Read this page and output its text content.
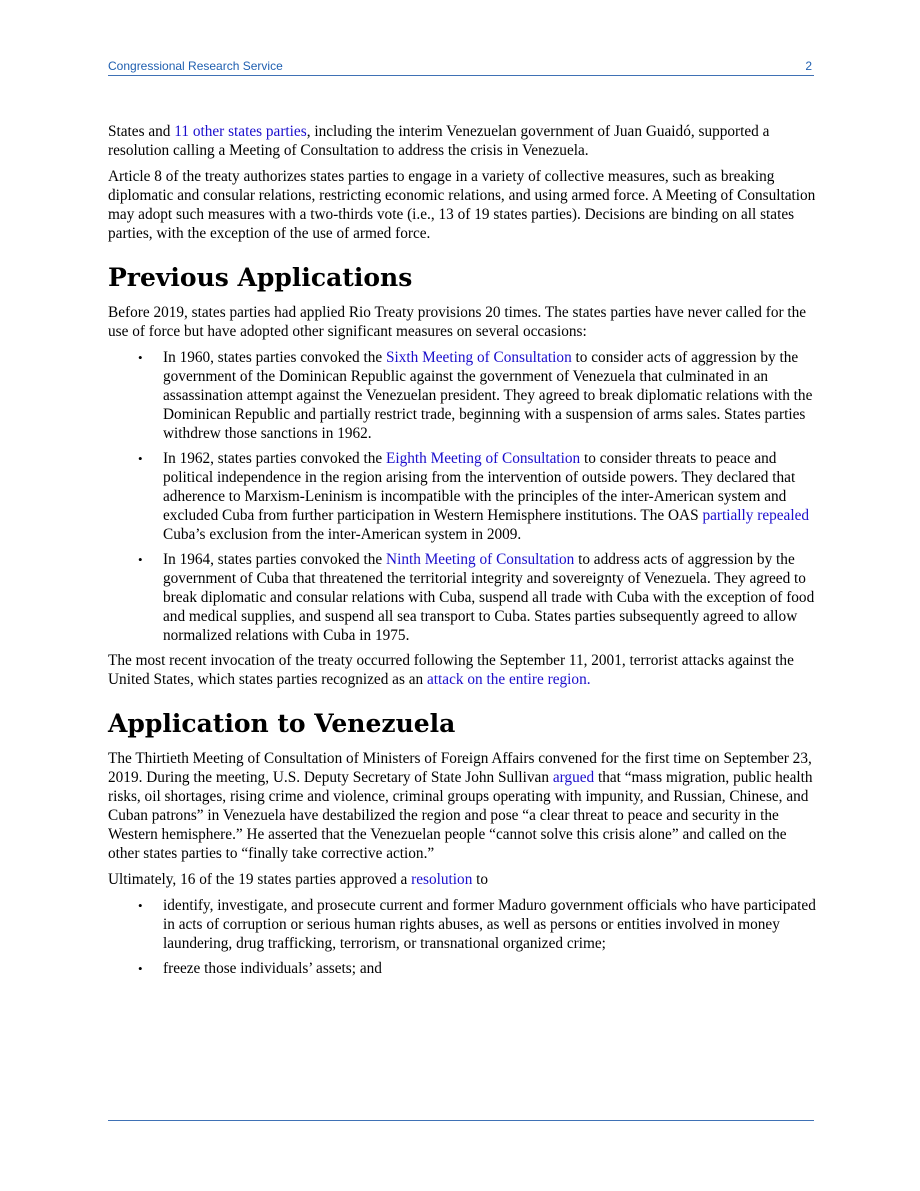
Congressional Research Service	2

States and 11 other states parties, including the interim Venezuelan government of Juan Guaidó, supported a resolution calling a Meeting of Consultation to address the crisis in Venezuela.

Article 8 of the treaty authorizes states parties to engage in a variety of collective measures, such as breaking diplomatic and consular relations, restricting economic relations, and using armed force. A Meeting of Consultation may adopt such measures with a two-thirds vote (i.e., 13 of 19 states parties). Decisions are binding on all states parties, with the exception of the use of armed force.

Previous Applications

Before 2019, states parties had applied Rio Treaty provisions 20 times. The states parties have never called for the use of force but have adopted other significant measures on several occasions:

• In 1960, states parties convoked the Sixth Meeting of Consultation to consider acts of aggression by the government of the Dominican Republic against the government of Venezuela that culminated in an assassination attempt against the Venezuelan president. They agreed to break diplomatic relations with the Dominican Republic and partially restrict trade, beginning with a suspension of arms sales. States parties withdrew those sanctions in 1962.
• In 1962, states parties convoked the Eighth Meeting of Consultation to consider threats to peace and political independence in the region arising from the intervention of outside powers. They declared that adherence to Marxism-Leninism is incompatible with the principles of the inter-American system and excluded Cuba from further participation in Western Hemisphere institutions. The OAS partially repealed Cuba’s exclusion from the inter-American system in 2009.
• In 1964, states parties convoked the Ninth Meeting of Consultation to address acts of aggression by the government of Cuba that threatened the territorial integrity and sovereignty of Venezuela. They agreed to break diplomatic and consular relations with Cuba, suspend all trade with Cuba with the exception of food and medical supplies, and suspend all sea transport to Cuba. States parties subsequently agreed to allow normalized relations with Cuba in 1975.

The most recent invocation of the treaty occurred following the September 11, 2001, terrorist attacks against the United States, which states parties recognized as an attack on the entire region.

Application to Venezuela

The Thirtieth Meeting of Consultation of Ministers of Foreign Affairs convened for the first time on September 23, 2019. During the meeting, U.S. Deputy Secretary of State John Sullivan argued that “mass migration, public health risks, oil shortages, rising crime and violence, criminal groups operating with impunity, and Russian, Chinese, and Cuban patrons” in Venezuela have destabilized the region and pose “a clear threat to peace and security in the Western hemisphere.” He asserted that the Venezuelan people “cannot solve this crisis alone” and called on the other states parties to “finally take corrective action.”

Ultimately, 16 of the 19 states parties approved a resolution to

• identify, investigate, and prosecute current and former Maduro government officials who have participated in acts of corruption or serious human rights abuses, as well as persons or entities involved in money laundering, drug trafficking, terrorism, or transnational organized crime;
• freeze those individuals’ assets; and
